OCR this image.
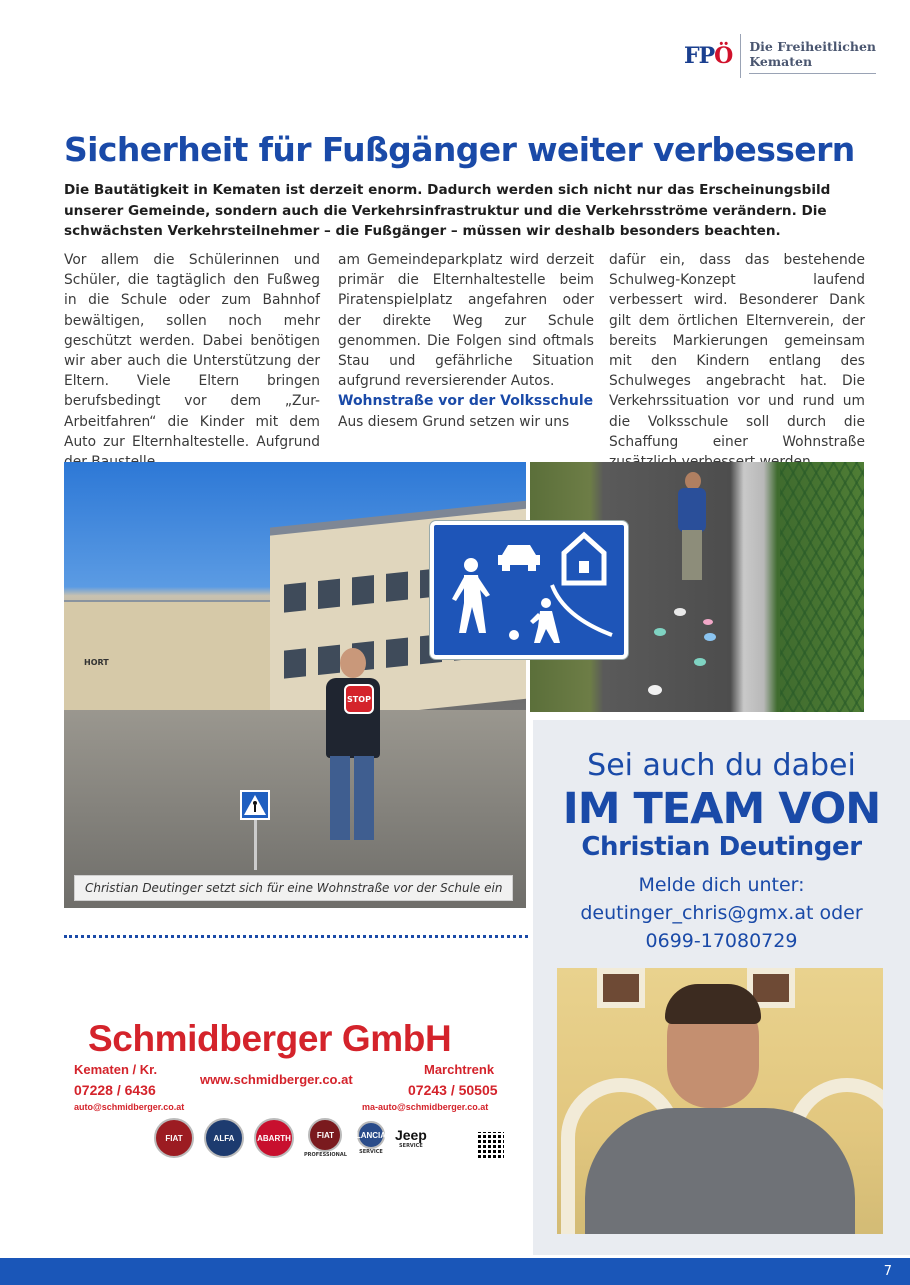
FPÖ Die Freiheitlichen
Kematen
Sicherheit für Fußgänger weiter verbessern

Die Bautätigkeit in Kematen ist derzeit enorm. Dadurch werden sich nicht nur das Erscheinungsbild unserer Gemeinde, sondern auch die Verkehrsinfrastruktur und die Verkehrsströme verändern. Die schwächsten Verkehrsteilnehmer – die Fußgänger – müssen wir deshalb besonders beachten.

Vor allem die Schülerinnen und Schüler, die tagtäglich den Fußweg in die Schule oder zum Bahnhof bewältigen, sollen noch mehr geschützt werden. Dabei benötigen wir aber auch die Unterstützung der Eltern. Viele Eltern bringen berufsbedingt vor dem „Zur-Arbeitfahren“ die Kinder mit dem Auto zur Elternhaltestelle. Aufgrund

am Gemeindeparkplatz wird derzeit primär die Elternhaltestelle beim Piratenspielplatz angefahren oder der direkte Weg zur Schule genommen. Die Folgen sind oftmals Stau und gefährliche Situation aufgrund reversierender Autos.

Wohnstraße vor der Volksschule

Aus diesem Grund setzen wir uns

dafür ein, dass das bestehende Schulweg-Konzept laufend verbessert wird. Besonderer Dank gilt dem örtlichen Elternverein, der bereits Markierungen gemeinsam mit den Kindern entlang des Schulweges angebracht hat. Die Verkehrssituation vor und rund um die Volksschule soll durch die Schaffung einer Wohnstraße

HORT
STOP
Christian Deutinger setzt sich für eine Wohnstraße vor der Schule ein
Schmidberger GmbH
Kematen / Kr.
07228 / 6436
auto@schmidberger.co.at
www.schmidberger.co.at
Marchtrenk
07243 / 50505
ma-auto@schmidberger.co.at
FIAT	ALFA	ABARTH	FIAT
PROFESSIONAL
LANCIA
SERVICE
Jeep
SERVICE
Sei auch du dabei
IM TEAM VON
Christian Deutinger
Melde dich unter:
deutinger_chris@gmx.at oder
0699-17080729
7
